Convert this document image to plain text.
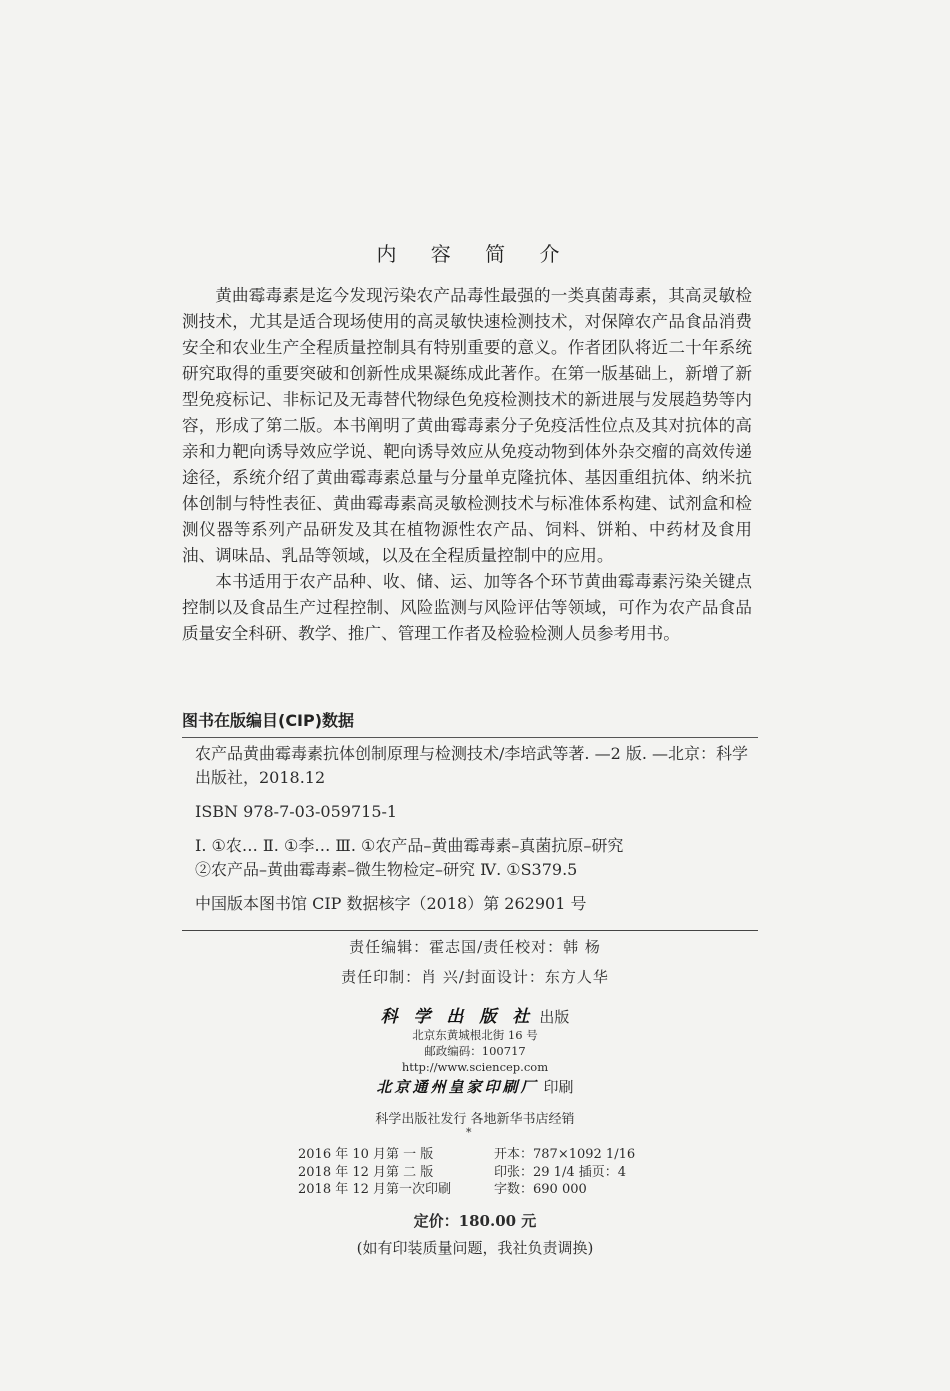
内 容 简 介

黄曲霉毒素是迄今发现污染农产品毒性最强的一类真菌毒素，其高灵敏检测技术，尤其是适合现场使用的高灵敏快速检测技术，对保障农产品食品消费安全和农业生产全程质量控制具有特别重要的意义。作者团队将近二十年系统研究取得的重要突破和创新性成果凝练成此著作。在第一版基础上，新增了新型免疫标记、非标记及无毒替代物绿色免疫检测技术的新进展与发展趋势等内容，形成了第二版。本书阐明了黄曲霉毒素分子免疫活性位点及其对抗体的高亲和力靶向诱导效应学说、靶向诱导效应从免疫动物到体外杂交瘤的高效传递途径，系统介绍了黄曲霉毒素总量与分量单克隆抗体、基因重组抗体、纳米抗体创制与特性表征、黄曲霉毒素高灵敏检测技术与标准体系构建、试剂盒和检测仪器等系列产品研发及其在植物源性农产品、饲料、饼粕、中药材及食用油、调味品、乳品等领域，以及在全程质量控制中的应用。

本书适用于农产品种、收、储、运、加等各个环节黄曲霉毒素污染关键点控制以及食品生产过程控制、风险监测与风险评估等领域，可作为农产品食品质量安全科研、教学、推广、管理工作者及检验检测人员参考用书。

图书在版编目(CIP)数据

农产品黄曲霉毒素抗体创制原理与检测技术/李培武等著. —2 版. —北京：科学出版社，2018.12

ISBN 978-7-03-059715-1

Ⅰ. ①农… Ⅱ. ①李… Ⅲ. ①农产品–黄曲霉毒素–真菌抗原–研究

②农产品–黄曲霉毒素–微生物检定–研究 Ⅳ. ①S379.5

中国版本图书馆 CIP 数据核字（2018）第 262901 号

责任编辑：霍志国/责任校对：韩 杨
责任印制：肖 兴/封面设计：东方人华
科 学 出 版 社 出版
北京东黄城根北街 16 号
邮政编码：100717
http://www.sciencep.com
北京通州皇家印刷厂 印刷
科学出版社发行 各地新华书店经销
*
2016 年 10 月第 一 版	开本：787×1092 1/16
2018 年 12 月第 二 版	印张：29 1/4 插页：4
2018 年 12 月第一次印刷	字数：690 000
定价：180.00 元
(如有印装质量问题，我社负责调换)
